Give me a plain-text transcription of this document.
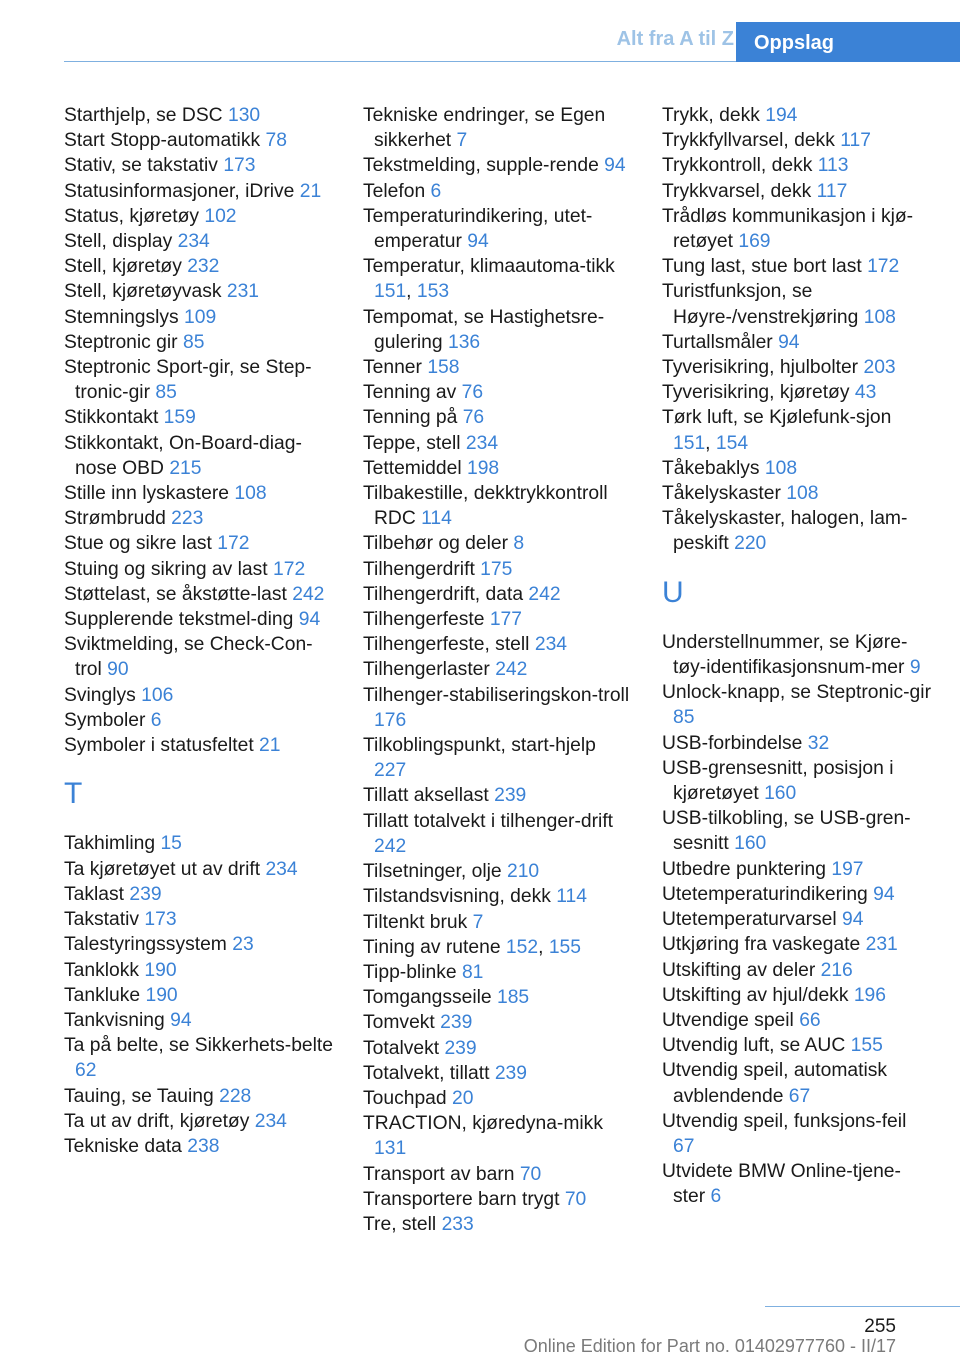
Alt fra A til Z	Oppslag
Starthjelp, se DSC 130
Start Stopp-automatikk 78
Stativ, se takstativ 173
Statusinformasjoner, iDrive 21
Status, kjøretøy 102
Stell, display 234
Stell, kjøretøy 232
Stell, kjøretøyvask 231
Stemningslys 109
Steptronic gir 85
Steptronic Sport-gir, se Step‐tronic-gir 85
Stikkontakt 159
Stikkontakt, On-Board-diag‐nose OBD 215
Stille inn lyskastere 108
Strømbrudd 223
Stue og sikre last 172
Stuing og sikring av last 172
Støttelast, se åkstøtte‐last 242
Supplerende tekstmel‐ding 94
Sviktmelding, se Check-Con‐trol 90
Svinglys 106
Symboler 6
Symboler i statusfeltet 21
T
Takhimling 15
Ta kjøretøyet ut av drift 234
Taklast 239
Takstativ 173
Talestyringssystem 23
Tanklokk 190
Tankluke 190
Tankvisning 94
Ta på belte, se Sikkerhets‐belte 62
Tauing, se Tauing 228
Ta ut av drift, kjøretøy 234
Tekniske data 238
Tekniske endringer, se Egen sikkerhet 7
Tekstmelding, supple‐rende 94
Telefon 6
Temperaturindikering, utet‐emperatur 94
Temperatur, klimaautoma‐tikk 151, 153
Tempomat, se Hastighetsre‐gulering 136
Tenner 158
Tenning av 76
Tenning på 76
Teppe, stell 234
Tettemiddel 198
Tilbakestille, dekktrykkontroll RDC 114
Tilbehør og deler 8
Tilhengerdrift 175
Tilhengerdrift, data 242
Tilhengerfeste 177
Tilhengerfeste, stell 234
Tilhengerlaster 242
Tilhenger-stabiliseringskon‐troll 176
Tilkoblingspunkt, start‐hjelp 227
Tillatt aksellast 239
Tillatt totalvekt i tilhenger‐drift 242
Tilsetninger, olje 210
Tilstandsvisning, dekk 114
Tiltenkt bruk 7
Tining av rutene 152, 155
Tipp-blinke 81
Tomgangsseile 185
Tomvekt 239
Totalvekt 239
Totalvekt, tillatt 239
Touchpad 20
TRACTION, kjøredyna‐mikk 131
Transport av barn 70
Transportere barn trygt 70
Tre, stell 233
Trykk, dekk 194
Trykkfyllvarsel, dekk 117
Trykkontroll, dekk 113
Trykkvarsel, dekk 117
Trådløs kommunikasjon i kjø‐retøyet 169
Tung last, stue bort last 172
Turistfunksjon, se Høyre-/venstrekjøring 108
Turtallsmåler 94
Tyverisikring, hjulbolter 203
Tyverisikring, kjøretøy 43
Tørk luft, se Kjølefunk‐sjon 151, 154
Tåkebaklys 108
Tåkelyskaster 108
Tåkelyskaster, halogen, lam‐peskift 220
U
Understellnummer, se Kjøre‐tøy-identifikasjonsnum‐mer 9
Unlock-knapp, se Steptronic-gir 85
USB-forbindelse 32
USB-grensesnitt, posisjon i kjøretøyet 160
USB-tilkobling, se USB-gren‐sesnitt 160
Utbedre punktering 197
Utetemperaturindikering 94
Utetemperaturvarsel 94
Utkjøring fra vaskegate 231
Utskifting av deler 216
Utskifting av hjul/dekk 196
Utvendige speil 66
Utvendig luft, se AUC 155
Utvendig speil, automatisk avblendende 67
Utvendig speil, funksjons‐feil 67
Utvidete BMW Online-tjene‐ster 6
255
Online Edition for Part no. 01402977760 - II/17
